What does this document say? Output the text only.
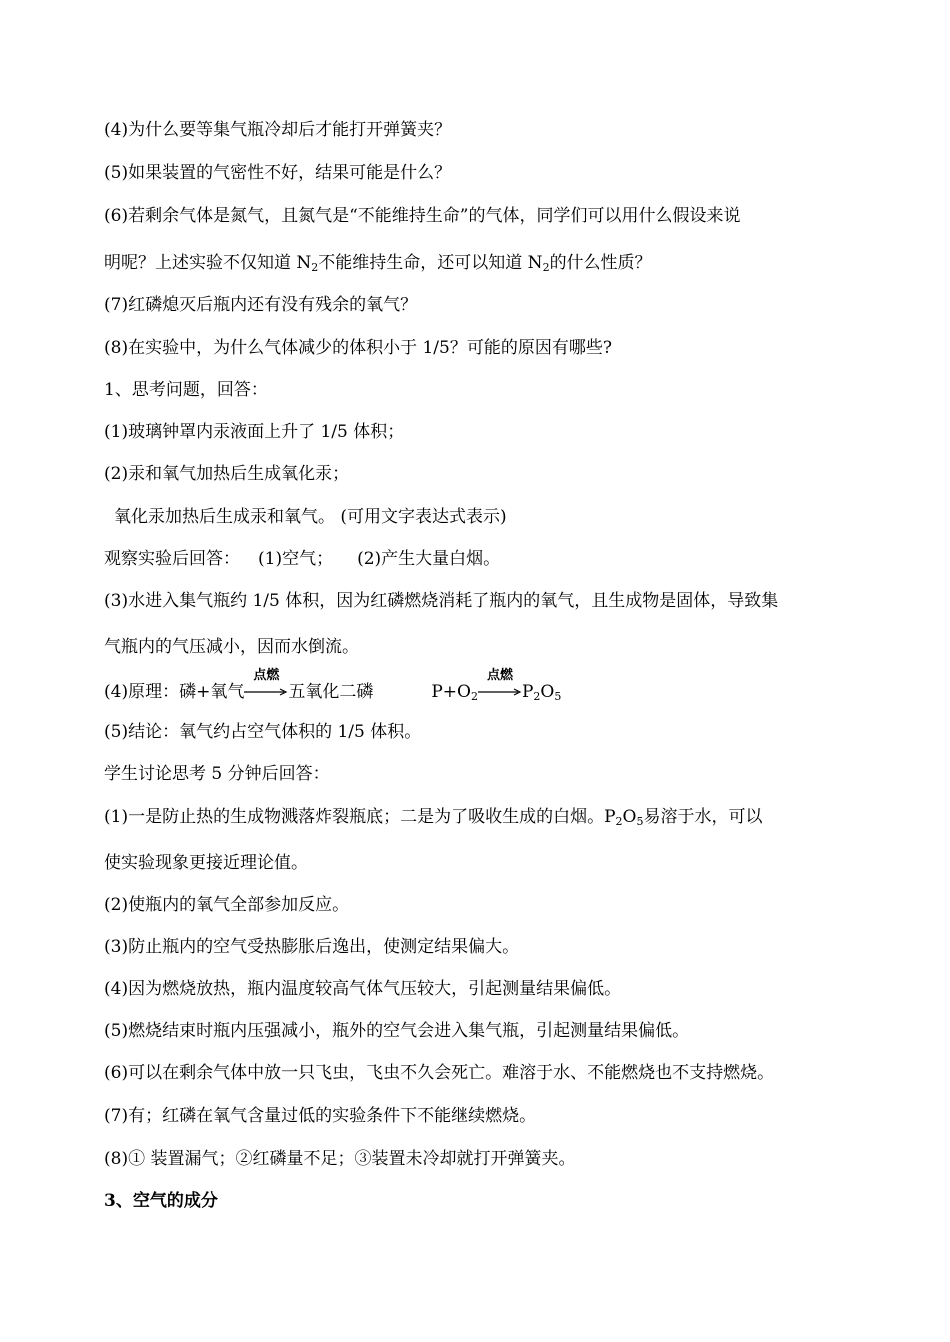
(4)为什么要等集气瓶冷却后才能打开弹簧夹？
(5)如果装置的气密性不好，结果可能是什么？
(6)若剩余气体是氮气，且氮气是“不能维持生命”的气体，同学们可以用什么假设来说
明呢？上述实验不仅知道 $N_2$不能维持生命，还可以知道 $N_2$的什么性质？
(7)红磷熄灭后瓶内还有没有残余的氧气？
(8)在实验中，为什么气体减少的体积小于 1/5？可能的原因有哪些?
1、思考问题，回答：
(1)玻璃钟罩内汞液面上升了 1/5 体积；
(2)汞和氧气加热后生成氧化汞；
氧化汞加热后生成汞和氧气。 (可用文字表达式表示)
观察实验后回答： (1)空气； (2)产生大量白烟。
(3)水进入集气瓶约 1/5 体积，因为红磷燃烧消耗了瓶内的氧气，且生成物是固体，导致集
气瓶内的气压减小，因而水倒流。
(4)原理：磷+氧气
点燃
五氧化二磷	$P+O_2$
点燃
$P_2O_5$
(5)结论：氧气约占空气体积的 1/5 体积。
学生讨论思考 5 分钟后回答：
(1)一是防止热的生成物溅落炸裂瓶底；二是为了吸收生成的白烟。$P_2O_5$易溶于水，可以
使实验现象更接近理论值。
(2)使瓶内的氧气全部参加反应。
(3)防止瓶内的空气受热膨胀后逸出，使测定结果偏大。
(4)因为燃烧放热，瓶内温度较高气体气压较大，引起测量结果偏低。
(5)燃烧结束时瓶内压强减小，瓶外的空气会进入集气瓶，引起测量结果偏低。
(6)可以在剩余气体中放一只飞虫，飞虫不久会死亡。难溶于水、不能燃烧也不支持燃烧。
(7)有；红磷在氧气含量过低的实验条件下不能继续燃烧。
(8)① 装置漏气；②红磷量不足；③装置未冷却就打开弹簧夹。
3、空气的成分
